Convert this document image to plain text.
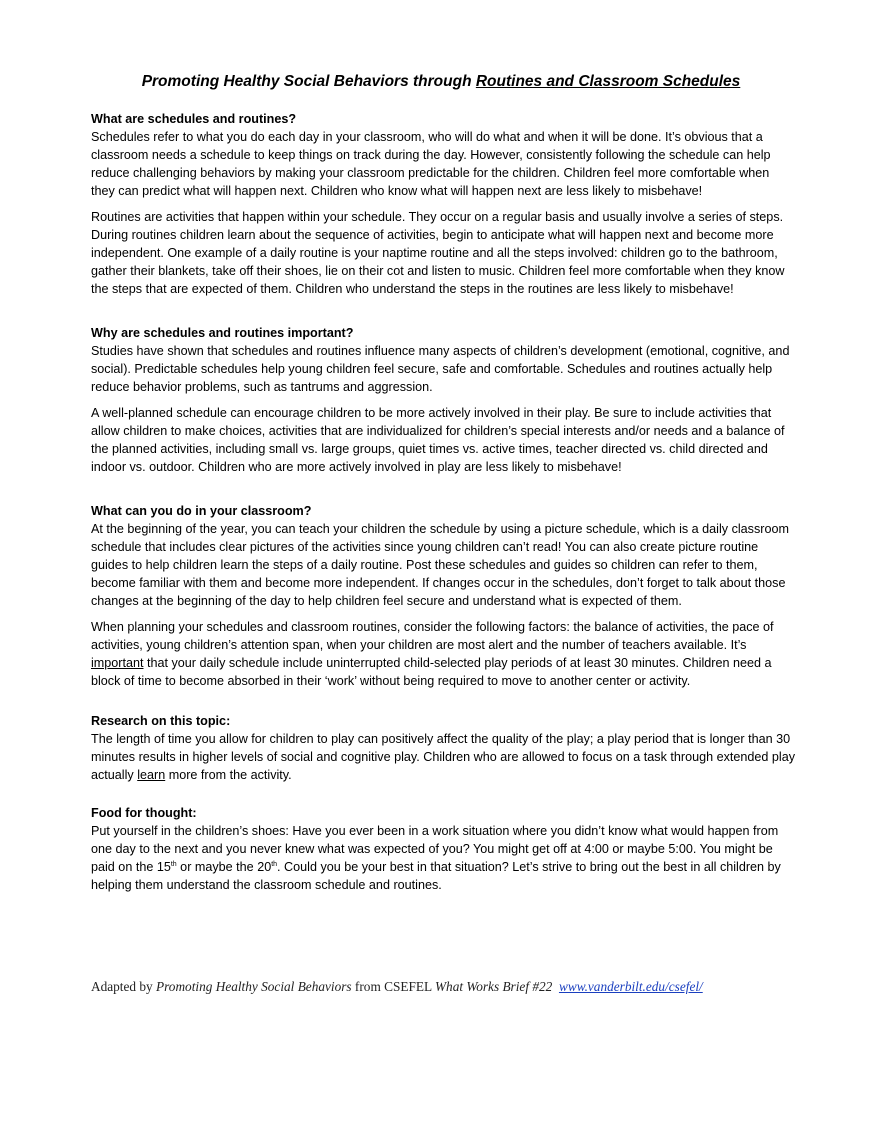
Promoting Healthy Social Behaviors through Routines and Classroom Schedules

What are schedules and routines?

Schedules refer to what you do each day in your classroom, who will do what and when it will be done. It’s obvious that a classroom needs a schedule to keep things on track during the day. However, consistently following the schedule can help reduce challenging behaviors by making your classroom predictable for the children. Children feel more comfortable when they can predict what will happen next. Children who know what will happen next are less likely to misbehave!

Routines are activities that happen within your schedule. They occur on a regular basis and usually involve a series of steps. During routines children learn about the sequence of activities, begin to anticipate what will happen next and become more independent. One example of a daily routine is your naptime routine and all the steps involved: children go to the bathroom, gather their blankets, take off their shoes, lie on their cot and listen to music. Children feel more comfortable when they know the steps that are expected of them. Children who understand the steps in the routines are less likely to misbehave!

Why are schedules and routines important?

Studies have shown that schedules and routines influence many aspects of children’s development (emotional, cognitive, and social). Predictable schedules help young children feel secure, safe and comfortable. Schedules and routines actually help reduce behavior problems, such as tantrums and aggression.

A well-planned schedule can encourage children to be more actively involved in their play. Be sure to include activities that allow children to make choices, activities that are individualized for children’s special interests and/or needs and a balance of the planned activities, including small vs. large groups, quiet times vs. active times, teacher directed vs. child directed and indoor vs. outdoor. Children who are more actively involved in play are less likely to misbehave!

What can you do in your classroom?

At the beginning of the year, you can teach your children the schedule by using a picture schedule, which is a daily classroom schedule that includes clear pictures of the activities since young children can’t read! You can also create picture routine guides to help children learn the steps of a daily routine. Post these schedules and guides so children can refer to them, become familiar with them and become more independent. If changes occur in the schedules, don’t forget to talk about those changes at the beginning of the day to help children feel secure and understand what is expected of them.

When planning your schedules and classroom routines, consider the following factors: the balance of activities, the pace of activities, young children’s attention span, when your children are most alert and the number of teachers available. It’s important that your daily schedule include uninterrupted child-selected play periods of at least 30 minutes. Children need a block of time to become absorbed in their ‘work’ without being required to move to another center or activity.

Research on this topic:

The length of time you allow for children to play can positively affect the quality of the play; a play period that is longer than 30 minutes results in higher levels of social and cognitive play. Children who are allowed to focus on a task through extended play actually learn more from the activity.

Food for thought:

Put yourself in the children’s shoes: Have you ever been in a work situation where you didn’t know what would happen from one day to the next and you never knew what was expected of you? You might get off at 4:00 or maybe 5:00. You might be paid on the 15th or maybe the 20th. Could you be your best in that situation? Let’s strive to bring out the best in all children by helping them understand the classroom schedule and routines.

Adapted by Promoting Healthy Social Behaviors from CSEFEL What Works Brief #22 www.vanderbilt.edu/csefel/
